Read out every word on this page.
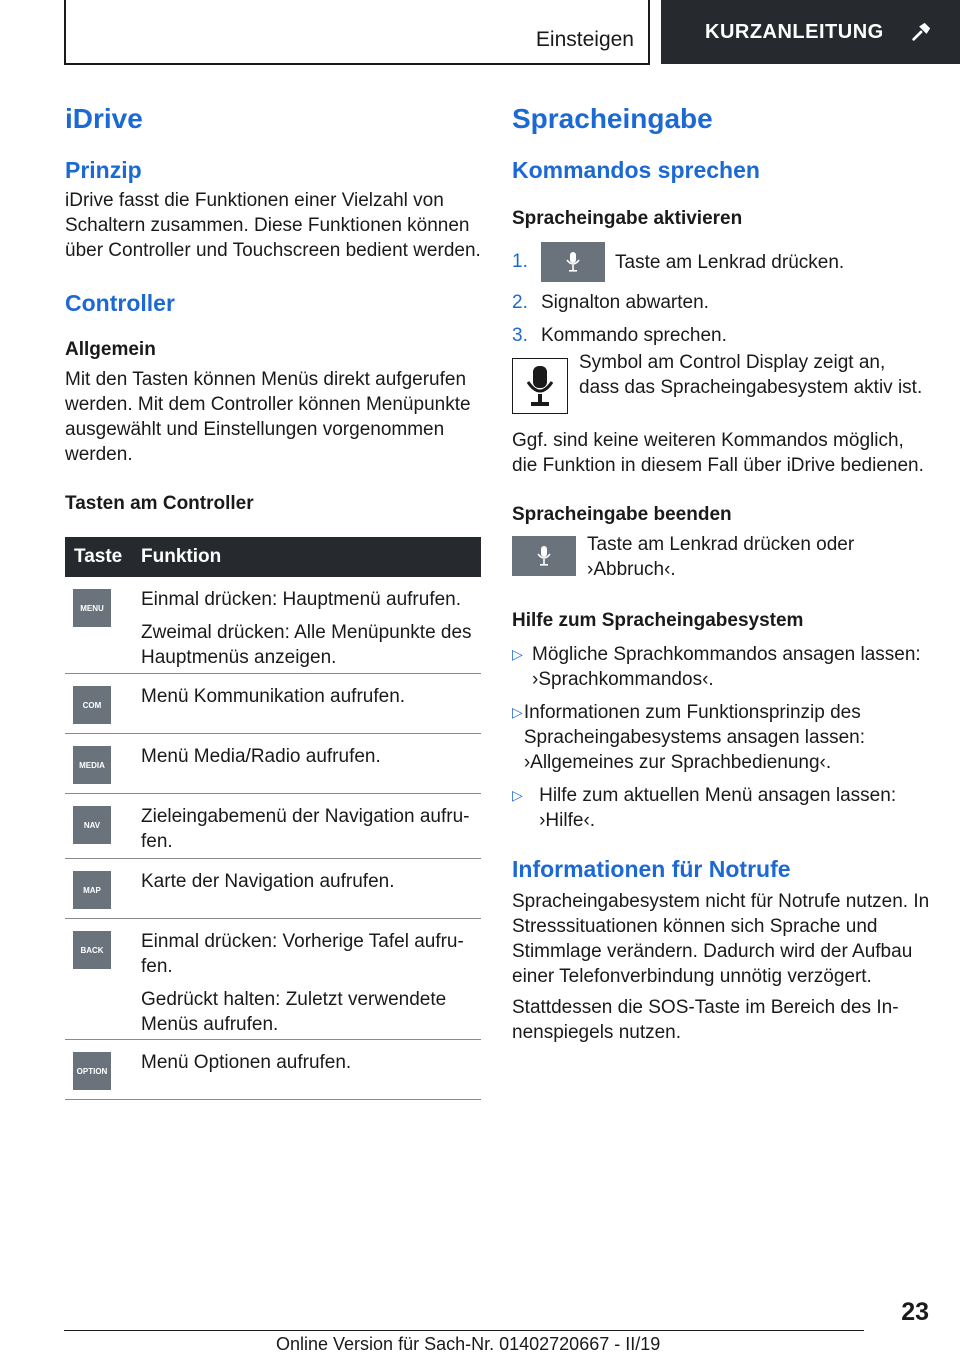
Einsteigen	KURZANLEITUNG
iDrive
Prinzip

iDrive fasst die Funktionen einer Vielzahl von Schaltern zusammen. Diese Funktionen können über Controller und Touchscreen bedient werden.

Controller
Allgemein

Mit den Tasten können Menüs direkt aufgerufen werden. Mit dem Controller können Menüpunkte ausgewählt und Einstellungen vorgenommen werden.

Tasten am Controller
Taste Funktion
MENU	Einmal drücken: Hauptmenü aufrufen.

Zweimal drücken: Alle Menüpunkte des Hauptmenüs anzeigen.

COM	Menü Kommunikation aufrufen.

MEDIA	Menü Media/Radio aufrufen.

NAV	Zieleingabemenü der Navigation aufrufen.

MAP	Karte der Navigation aufrufen.

BACK	Einmal drücken: Vorherige Tafel aufrufen.

Gedrückt halten: Zuletzt verwendete Menüs aufrufen.

OPTION Menü Optionen aufrufen.

Spracheingabe
Kommandos sprechen
Spracheingabe aktivieren
1.	Taste am Lenkrad drücken.

2. Signalton abwarten.

3. Kommando sprechen.

Symbol am Control Display zeigt an, dass das Spracheingabesystem aktiv ist.

Ggf. sind keine weiteren Kommandos möglich, die Funktion in diesem Fall über iDrive bedienen.

Spracheingabe beenden

Taste am Lenkrad drücken oder ›Abbruch‹.

Hilfe zum Spracheingabesystem
▷ Mögliche Sprachkommandos ansagen lassen: ›Sprachkommandos‹.

▷ Informationen zum Funktionsprinzip des Spracheingabesystems ansagen lassen: ›Allgemeines zur Sprachbedienung‹.

▷ Hilfe zum aktuellen Menü ansagen lassen: ›Hilfe‹.

Informationen für Notrufe

Spracheingabesystem nicht für Notrufe nutzen. In Stresssituationen können sich Sprache und Stimmlage verändern. Dadurch wird der Aufbau einer Telefonverbindung unnötig verzögert.

Stattdessen die SOS-Taste im Bereich des Innenspiegels nutzen.

23
Online Version für Sach-Nr. 01402720667 - II/19
